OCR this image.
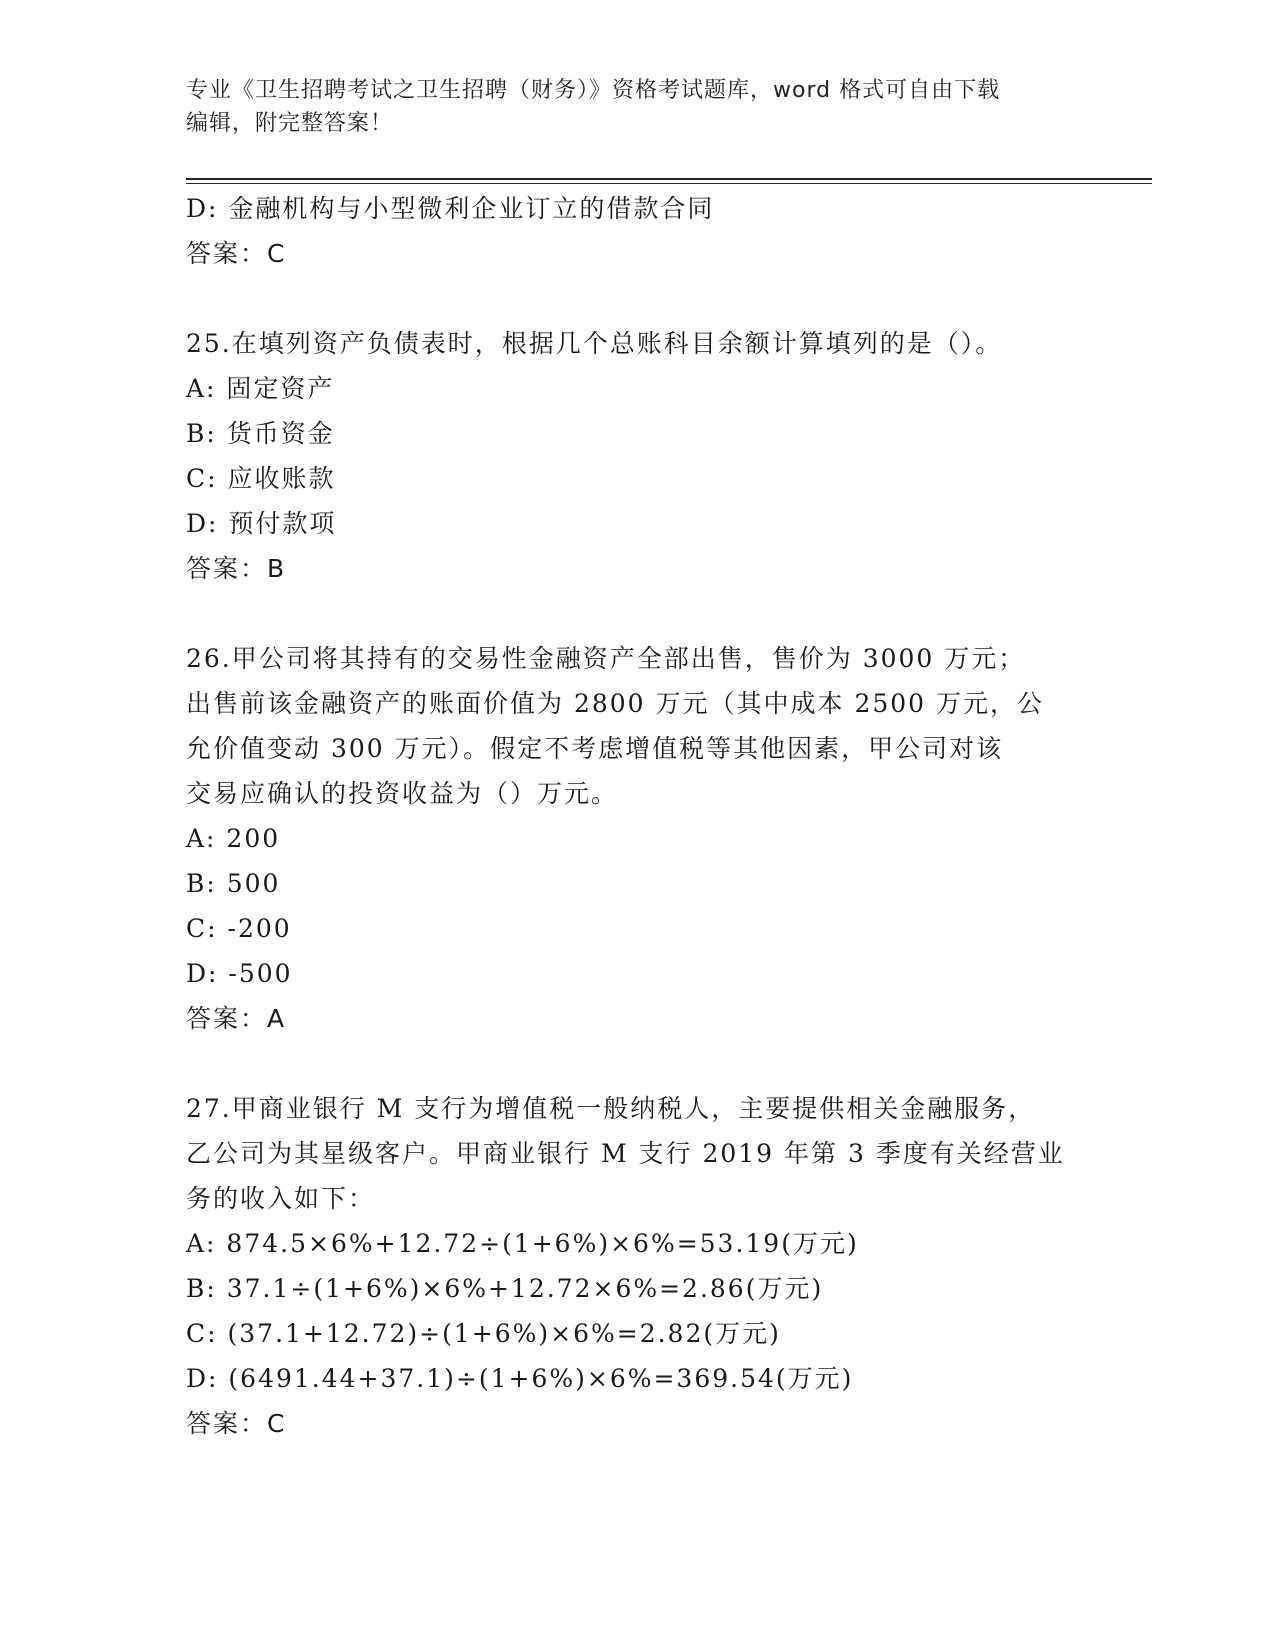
专业《卫生招聘考试之卫生招聘（财务）》资格考试题库，word 格式可自由下载
编辑，附完整答案！
D: 金融机构与小型微利企业订立的借款合同
答案：C
25.在填列资产负债表时，根据几个总账科目余额计算填列的是（）。
A: 固定资产
B: 货币资金
C: 应收账款
D: 预付款项
答案：B
26.甲公司将其持有的交易性金融资产全部出售，售价为 3000 万元；
出售前该金融资产的账面价值为 2800 万元（其中成本 2500 万元，公
允价值变动 300 万元）。假定不考虑增值税等其他因素，甲公司对该
交易应确认的投资收益为（）万元。
A: 200
B: 500
C: -200
D: -500
答案：A
27.甲商业银行 M 支行为增值税一般纳税人，主要提供相关金融服务，
乙公司为其星级客户。甲商业银行 M 支行 2019 年第 3 季度有关经营业
务的收入如下：
A: 874.5×6%+12.72÷(1+6%)×6%=53.19(万元)
B: 37.1÷(1+6%)×6%+12.72×6%=2.86(万元)
C: (37.1+12.72)÷(1+6%)×6%=2.82(万元)
D: (6491.44+37.1)÷(1+6%)×6%=369.54(万元)
答案：C
